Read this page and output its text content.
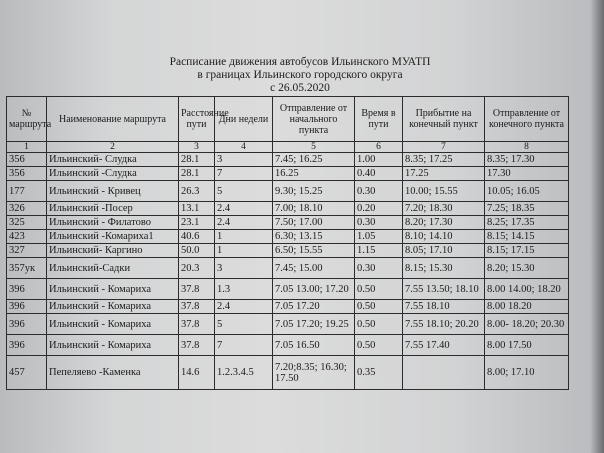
Расписание движения автобусов Ильинского МУАТП
в границах Ильинского городского округа
с 26.05.2020
№ маршрута	Наименование маршрута	Расстояние пути	Дни недели	Отправление от начального пункта	Время в пути	Прибытие на конечный пункт	Отправление от конечного пункта
1	2	3	4	5	6	7	8
356	Ильинский- Слудка	28.1	3	7.45; 16.25	1.00	8.35; 17.25	8.35; 17.30
356	Ильинский -Слудка	28.1	7	16.25	0.40	17.25	17.30
177	Ильинский - Кривец	26.3	5	9.30; 15.25	0.30	10.00; 15.55	10.05; 16.05
326	Ильинский -Посер	13.1	2.4	7.00; 18.10	0.20	7.20; 18.30	7.25; 18.35
325	Ильинский - Филатово	23.1	2.4	7.50; 17.00	0.30	8.20; 17.30	8.25; 17.35
423	Ильинский -Комариха1	40.6	1	6.30; 13.15	1.05	8.10; 14.10	8.15; 14.15
327	Ильинский- Каргино	50.0	1	6.50; 15.55	1.15	8.05; 17.10	8.15; 17.15
357ук	Ильинский-Садки	20.3	3	7.45; 15.00	0.30	8.15; 15.30	8.20; 15.30
396	Ильинский - Комариха	37.8	1.3	7.05 13.00; 17.20	0.50	7.55 13.50; 18.10	8.00 14.00; 18.20
396	Ильинский - Комариха	37.8	2.4	7.05 17.20	0.50	7.55 18.10	8.00 18.20
396	Ильинский - Комариха	37.8	5	7.05 17.20; 19.25	0.50	7.55 18.10; 20.20	8.00- 18.20; 20.30
396	Ильинский - Комариха	37.8	7	7.05 16.50	0.50	7.55 17.40	8.00 17.50
457	Пепеляево -Каменка	14.6	1.2.3.4.5	7.20;8.35; 16.30; 17.50	0.35		8.00; 17.10
